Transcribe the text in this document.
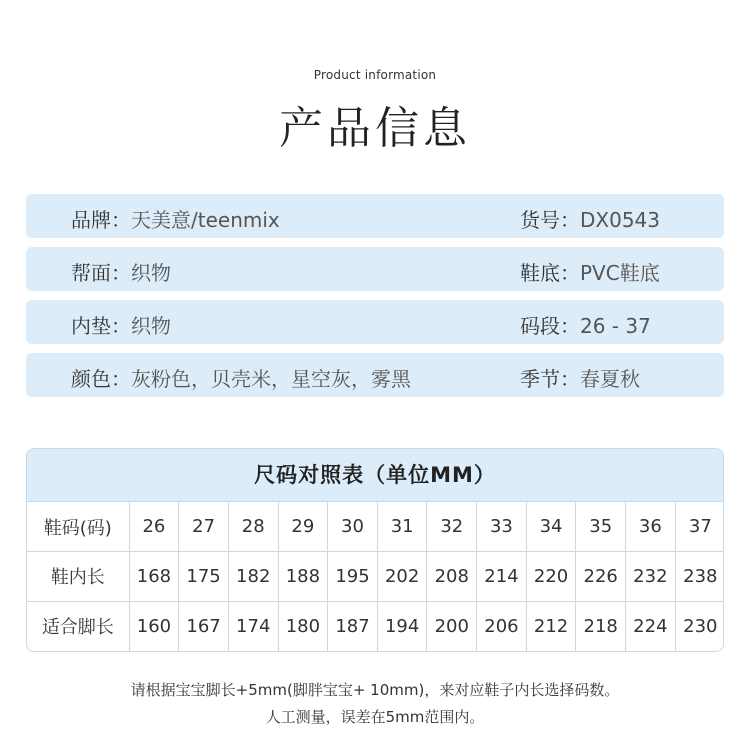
Product information
产品信息
品牌：天美意/teenmix	货号：DX0543
帮面：织物	鞋底：PVC鞋底
内垫：织物	码段：26 - 37
颜色：灰粉色，贝壳米，星空灰，雾黑	季节：春夏秋
尺码对照表（单位MM）
鞋码(码)	26	27	28	29	30	31	32	33	34	35	36	37
鞋内长	168	175	182	188	195	202	208	214	220	226	232	238
适合脚长	160	167	174	180	187	194	200	206	212	218	224	230
请根据宝宝脚长+5mm(脚胖宝宝+ 10mm)，来对应鞋子内长选择码数。
人工测量，误差在5mm范围内。
